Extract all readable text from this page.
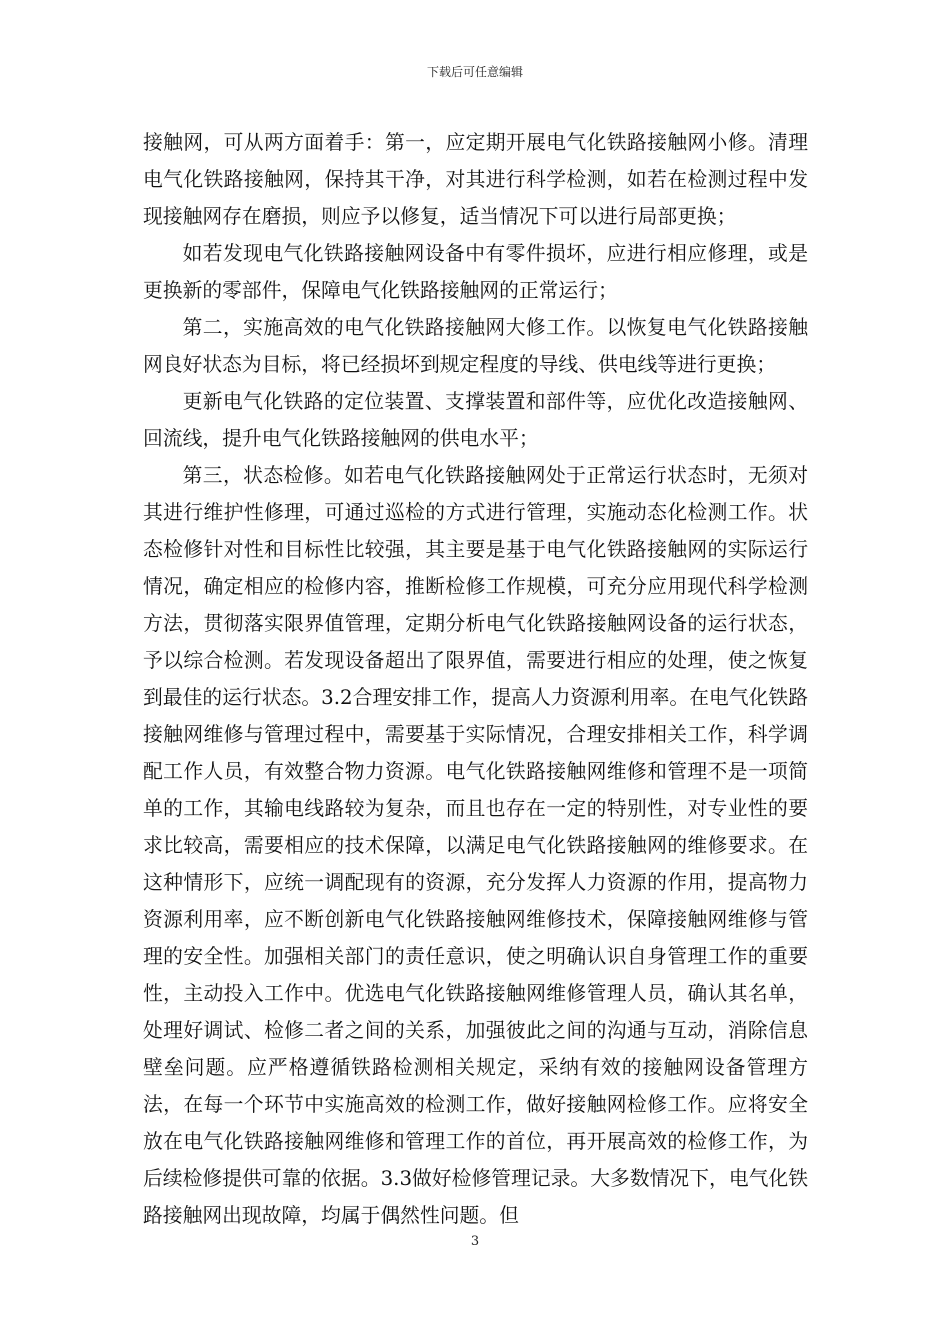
下载后可任意编辑

接触网，可从两方面着手：第一，应定期开展电气化铁路接触网小修。清理电气化铁路接触网，保持其干净，对其进行科学检测，如若在检测过程中发现接触网存在磨损，则应予以修复，适当情况下可以进行局部更换；

如若发现电气化铁路接触网设备中有零件损坏，应进行相应修理，或是更换新的零部件，保障电气化铁路接触网的正常运行；

第二，实施高效的电气化铁路接触网大修工作。以恢复电气化铁路接触网良好状态为目标，将已经损坏到规定程度的导线、供电线等进行更换；

更新电气化铁路的定位装置、支撑装置和部件等，应优化改造接触网、回流线，提升电气化铁路接触网的供电水平；

第三，状态检修。如若电气化铁路接触网处于正常运行状态时，无须对其进行维护性修理，可通过巡检的方式进行管理，实施动态化检测工作。状态检修针对性和目标性比较强，其主要是基于电气化铁路接触网的实际运行情况，确定相应的检修内容，推断检修工作规模，可充分应用现代科学检测方法，贯彻落实限界值管理，定期分析电气化铁路接触网设备的运行状态，予以综合检测。若发现设备超出了限界值，需要进行相应的处理，使之恢复到最佳的运行状态。3.2合理安排工作，提高人力资源利用率。在电气化铁路接触网维修与管理过程中，需要基于实际情况，合理安排相关工作，科学调配工作人员，有效整合物力资源。电气化铁路接触网维修和管理不是一项简单的工作，其输电线路较为复杂，而且也存在一定的特别性，对专业性的要求比较高，需要相应的技术保障，以满足电气化铁路接触网的维修要求。在这种情形下，应统一调配现有的资源，充分发挥人力资源的作用，提高物力资源利用率，应不断创新电气化铁路接触网维修技术，保障接触网维修与管理的安全性。加强相关部门的责任意识，使之明确认识自身管理工作的重要性，主动投入工作中。优选电气化铁路接触网维修管理人员，确认其名单，处理好调试、检修二者之间的关系，加强彼此之间的沟通与互动，消除信息壁垒问题。应严格遵循铁路检测相关规定，采纳有效的接触网设备管理方法，在每一个环节中实施高效的检测工作，做好接触网检修工作。应将安全放在电气化铁路接触网维修和管理工作的首位，再开展高效的检修工作，为后续检修提供可靠的依据。3.3做好检修管理记录。大多数情况下，电气化铁路接触网出现故障，均属于偶然性问题。但

3
